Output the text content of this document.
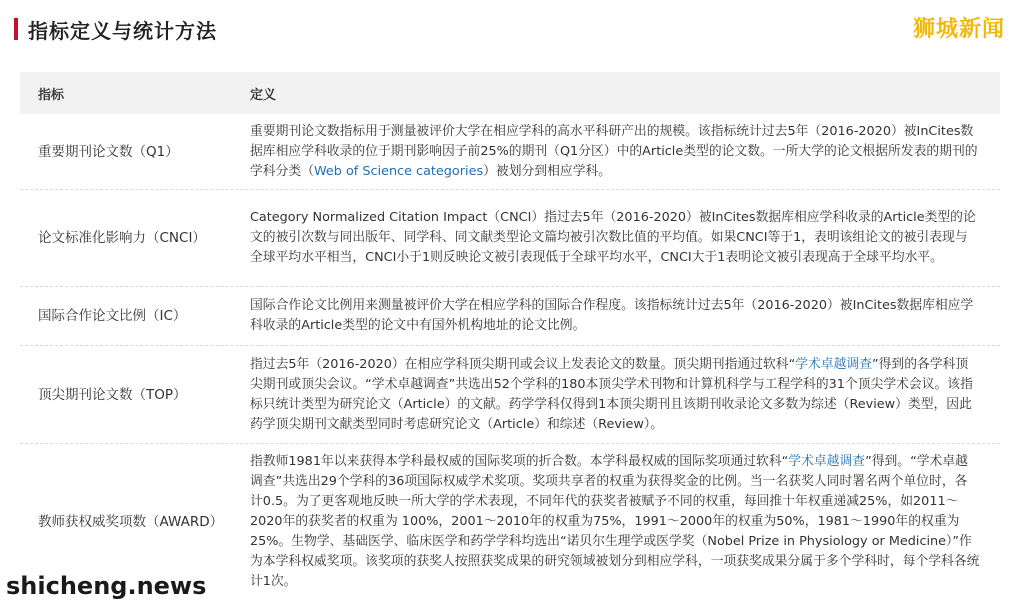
指标定义与统计方法	狮城新闻
指标	定义
重要期刊论文数（Q1）
重要期刊论文数指标用于测量被评价大学在相应学科的高水平科研产出的规模。该指标统计过去5年（2016-2020）被InCites数据库相应学科收录的位于期刊影响因子前25%的期刊（Q1分区）中的Article类型的论文数。一所大学的论文根据所发表的期刊的学科分类（Web of Science categories）被划分到相应学科。
论文标准化影响力（CNCI）
Category Normalized Citation Impact（CNCI）指过去5年（2016-2020）被InCites数据库相应学科收录的Article类型的论文的被引次数与同出版年、同学科、同文献类型论文篇均被引次数比值的平均值。如果CNCI等于1，表明该组论文的被引表现与全球平均水平相当，CNCI小于1则反映论文被引表现低于全球平均水平，CNCI大于1表明论文被引表现高于全球平均水平。
国际合作论文比例（IC）
国际合作论文比例用来测量被评价大学在相应学科的国际合作程度。该指标统计过去5年（2016-2020）被InCites数据库相应学科收录的Article类型的论文中有国外机构地址的论文比例。
顶尖期刊论文数（TOP）
指过去5年（2016-2020）在相应学科顶尖期刊或会议上发表论文的数量。顶尖期刊指通过软科“学术卓越调查”得到的各学科顶尖期刊或顶尖会议。“学术卓越调查”共选出52个学科的180本顶尖学术刊物和计算机科学与工程学科的31个顶尖学术会议。该指标只统计类型为研究论文（Article）的文献。药学学科仅得到1本顶尖期刊且该期刊收录论文多数为综述（Review）类型，因此药学顶尖期刊文献类型同时考虑研究论文（Article）和综述（Review）。
教师获权威奖项数（AWARD）
指教师1981年以来获得本学科最权威的国际奖项的折合数。本学科最权威的国际奖项通过软科“学术卓越调查”得到。“学术卓越调查”共选出29个学科的36项国际权威学术奖项。奖项共享者的权重为获得奖金的比例。当一名获奖人同时署名两个单位时，各计0.5。为了更客观地反映一所大学的学术表现，不同年代的获奖者被赋予不同的权重，每回推十年权重递减25%，如2011～2020年的获奖者的权重为 100%，2001～2010年的权重为75%，1991～2000年的权重为50%，1981～1990年的权重为25%。生物学、基础医学、临床医学和药学学科均选出“诺贝尔生理学或医学奖（Nobel Prize in Physiology or Medicine）”作为本学科权威奖项。该奖项的获奖人按照获奖成果的研究领域被划分到相应学科，一项获奖成果分属于多个学科时，每个学科各统计1次。
shicheng.news
